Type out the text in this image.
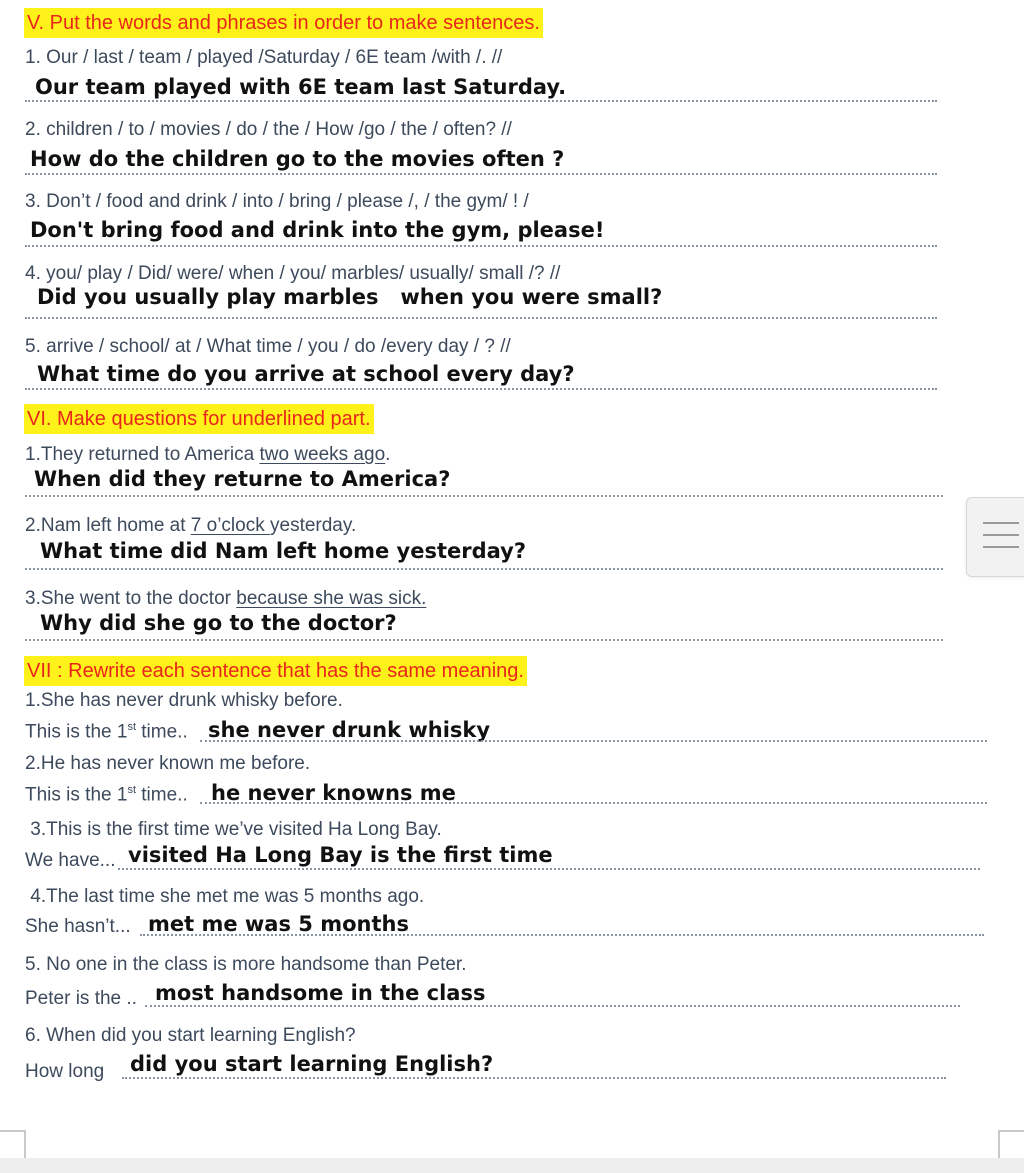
V. Put the words and phrases in order to make sentences.
1. Our / last / team / played /Saturday / 6E team /with /. //
Our team played with 6E team last Saturday.
2. children / to / movies / do / the / How /go / the / often? //
How do the children go to the movies often ?
3. Don’t / food and drink / into / bring / please /, / the gym/ ! /
Don't bring food and drink into the gym, please!
4. you/ play / Did/ were/ when / you/ marbles/ usually/ small /? //
Did you usually play marbles   when you were small?
5. arrive / school/ at / What time / you / do /every day / ? //
What time do you arrive at school every day?
VI. Make questions for underlined part.
1.They returned to America two weeks ago.
When did they returne to America?
2.Nam left home at 7 o’clock yesterday.
What time did Nam left home yesterday?
3.She went to the doctor because she was sick.
Why did she go to the doctor?
VII : Rewrite each sentence that has the same meaning.
1.She has never drunk whisky before.
This is the 1st time.. she never drunk whisky
2.He has never known me before.
This is the 1st time.. he never knowns me
3.This is the first time we’ve visited Ha Long Bay.
We have... visited Ha Long Bay is the first time
4.The last time she met me was 5 months ago.
She hasn’t... met me was 5 months
5. No one in the class is more handsome than Peter.
Peter is the .. most handsome in the class
6. When did you start learning English?
How long did you start learning English?
